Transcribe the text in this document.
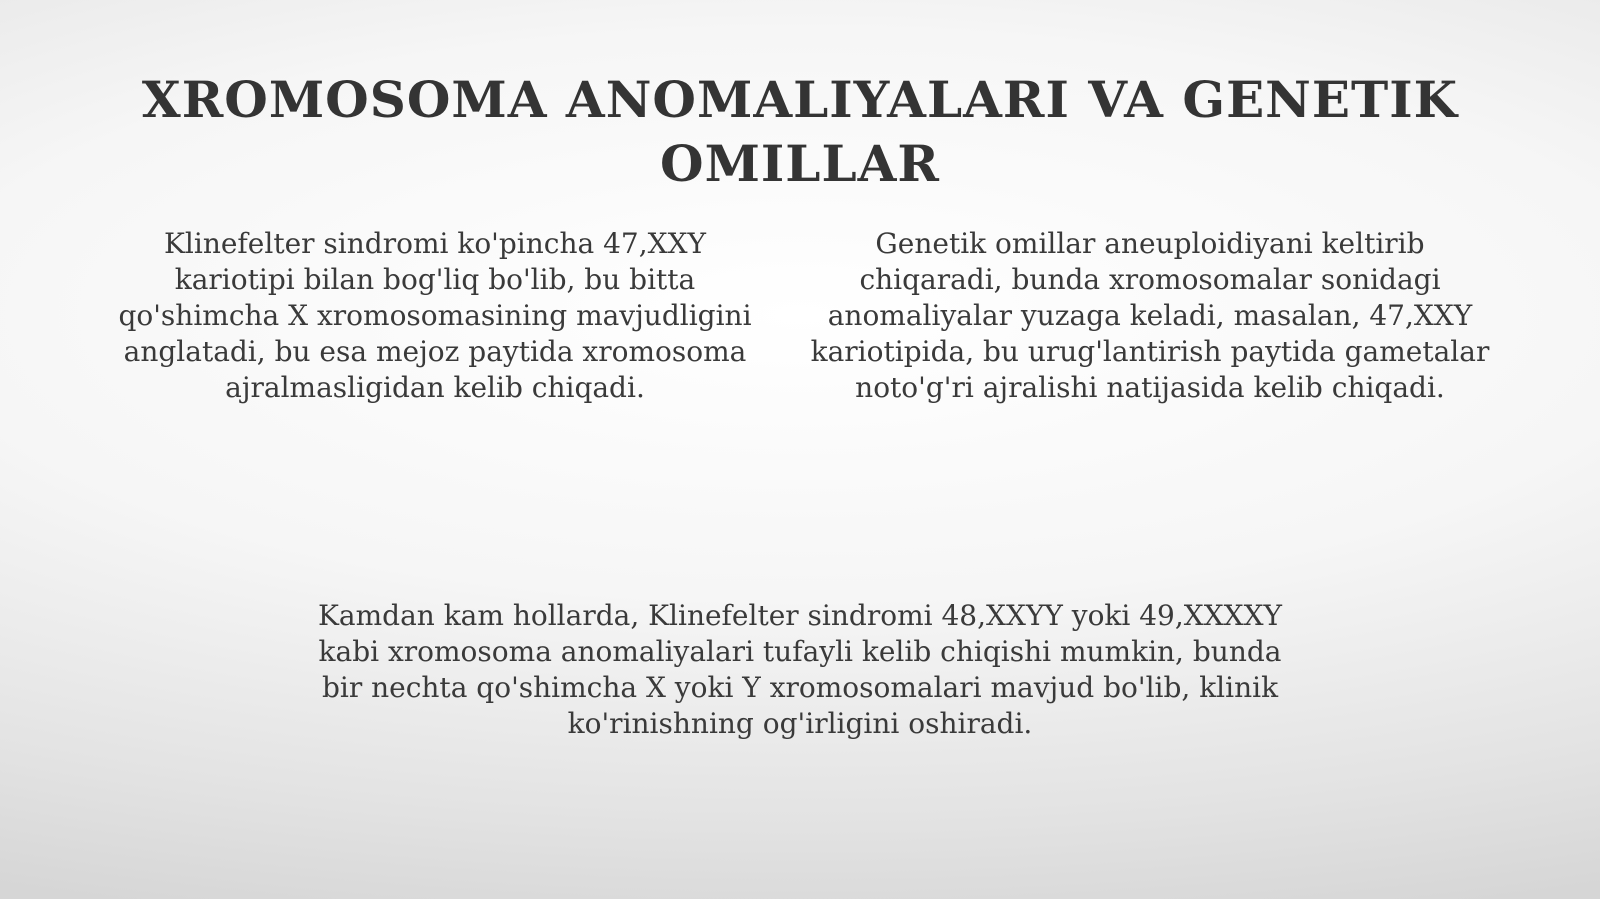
XROMOSOMA ANOMALIYALARI VA GENETIK OMILLAR

Klinefelter sindromi ko'pincha 47,XXY kariotipi bilan bog'liq bo'lib, bu bitta qo'shimcha X xromosomasining mavjudligini anglatadi, bu esa mejoz paytida xromosoma ajralmasligidan kelib chiqadi.

Genetik omillar aneuploidiyani keltirib chiqaradi, bunda xromosomalar sonidagi anomaliyalar yuzaga keladi, masalan, 47,XXY kariotipida, bu urug'lantirish paytida gametalar noto'g'ri ajralishi natijasida kelib chiqadi.

Kamdan kam hollarda, Klinefelter sindromi 48,XXYY yoki 49,XXXXY kabi xromosoma anomaliyalari tufayli kelib chiqishi mumkin, bunda bir nechta qo'shimcha X yoki Y xromosomalari mavjud bo'lib, klinik ko'rinishning og'irligini oshiradi.
